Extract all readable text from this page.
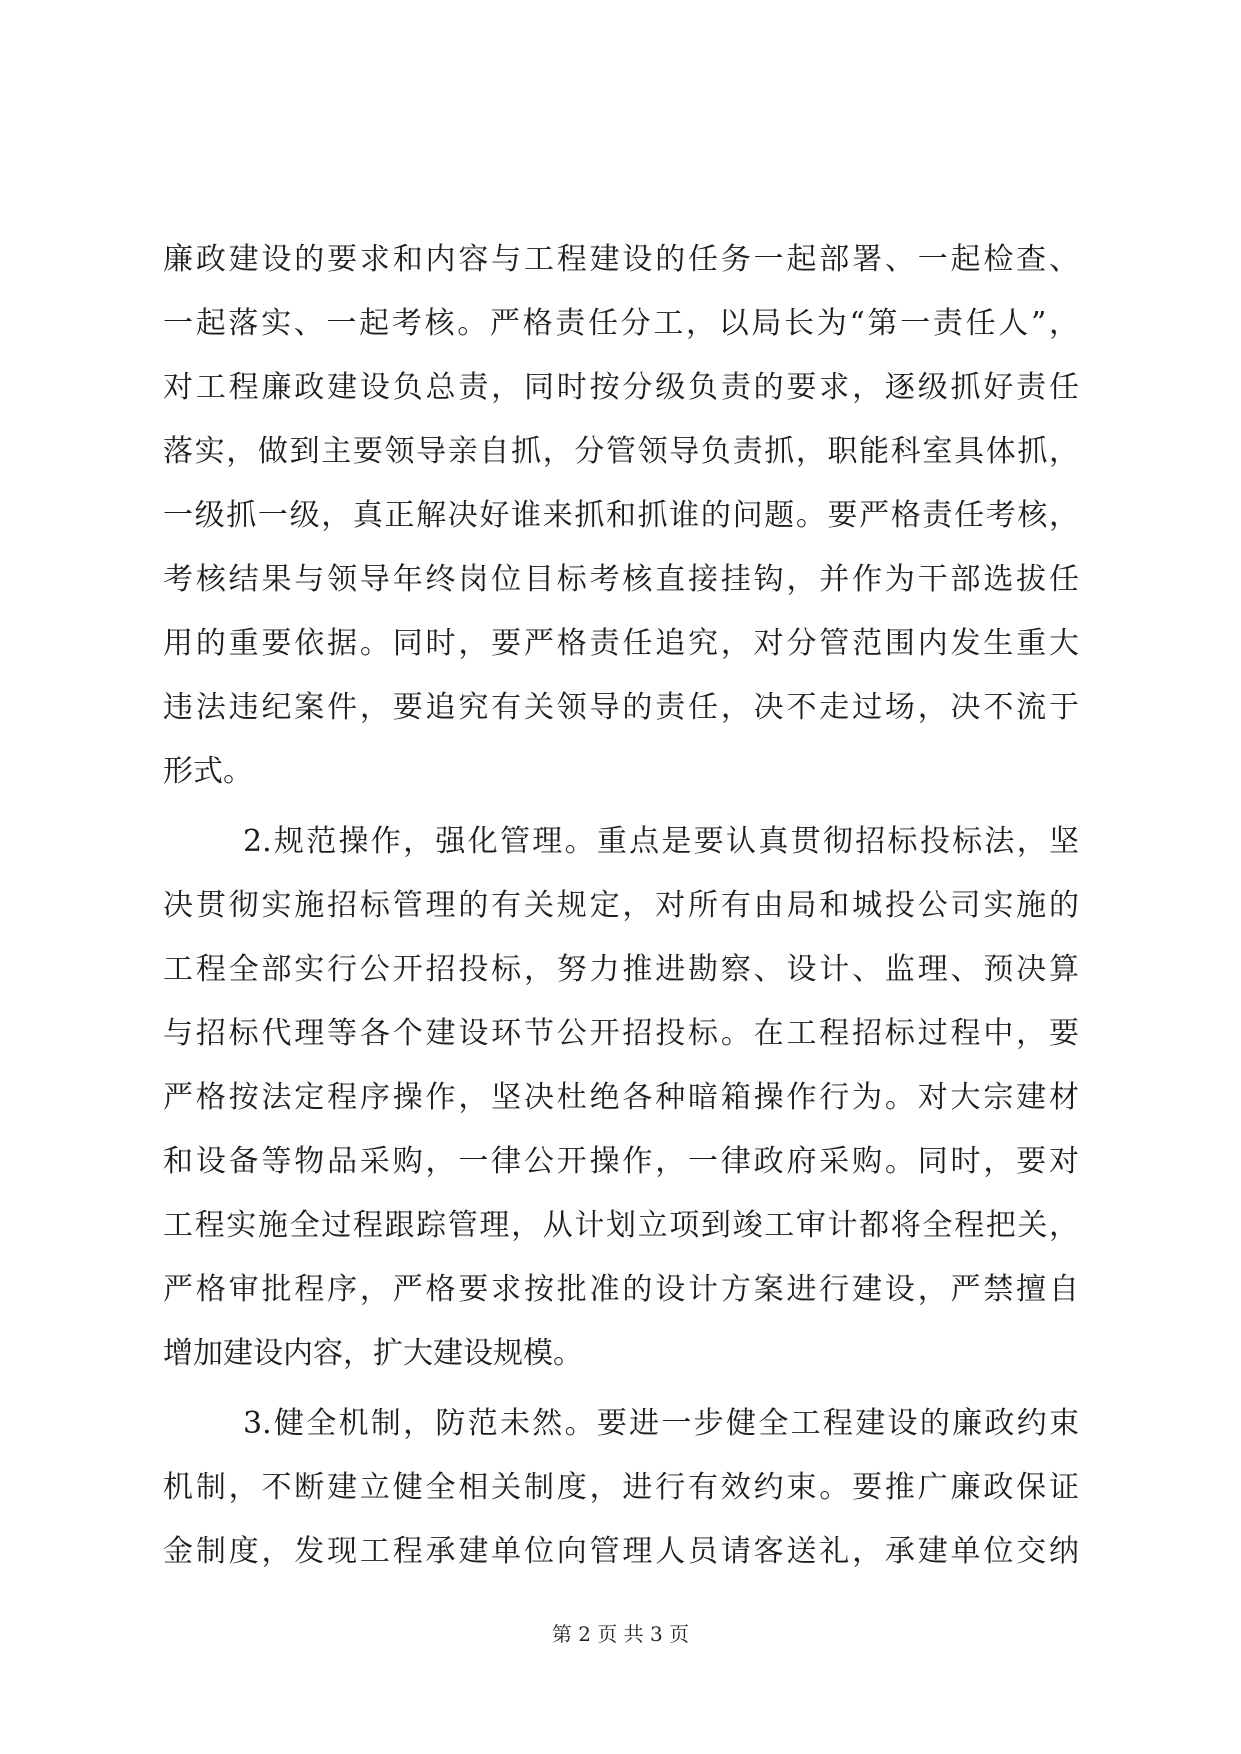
廉政建设的要求和内容与工程建设的任务一起部署、一起检查、
一起落实、一起考核。严格责任分工，以局长为“第一责任人”，
对工程廉政建设负总责，同时按分级负责的要求，逐级抓好责任
落实，做到主要领导亲自抓，分管领导负责抓，职能科室具体抓，
一级抓一级，真正解决好谁来抓和抓谁的问题。要严格责任考核，
考核结果与领导年终岗位目标考核直接挂钩，并作为干部选拔任
用的重要依据。同时，要严格责任追究，对分管范围内发生重大
违法违纪案件，要追究有关领导的责任，决不走过场，决不流于
形式。
2.规范操作，强化管理。重点是要认真贯彻招标投标法，坚
决贯彻实施招标管理的有关规定，对所有由局和城投公司实施的
工程全部实行公开招投标，努力推进勘察、设计、监理、预决算
与招标代理等各个建设环节公开招投标。在工程招标过程中，要
严格按法定程序操作，坚决杜绝各种暗箱操作行为。对大宗建材
和设备等物品采购，一律公开操作，一律政府采购。同时，要对
工程实施全过程跟踪管理，从计划立项到竣工审计都将全程把关，
严格审批程序，严格要求按批准的设计方案进行建设，严禁擅自
增加建设内容，扩大建设规模。
3.健全机制，防范未然。要进一步健全工程建设的廉政约束
机制，不断建立健全相关制度，进行有效约束。要推广廉政保证
金制度，发现工程承建单位向管理人员请客送礼，承建单位交纳
第 2 页 共 3 页
